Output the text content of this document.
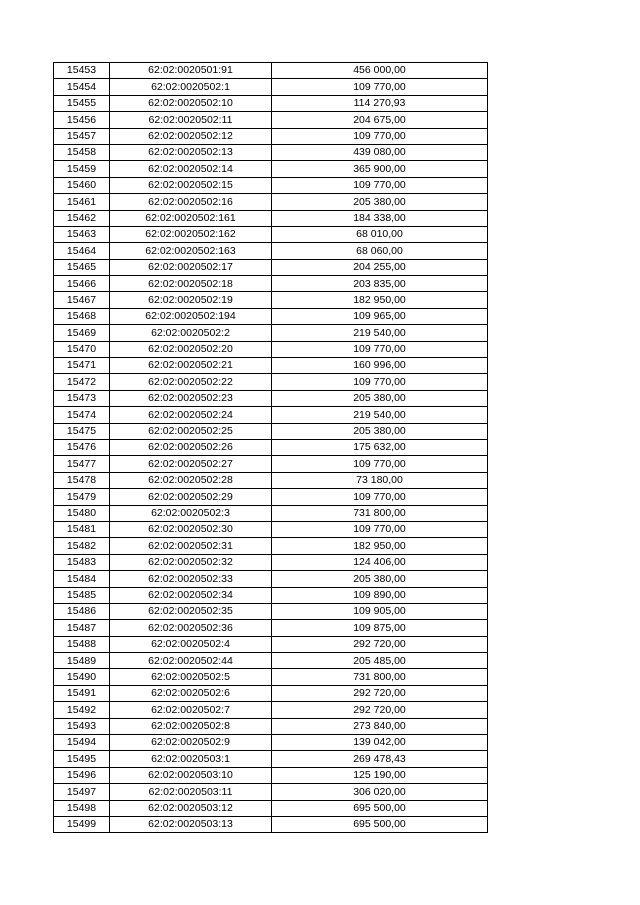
15453	62:02:0020501:91	456 000,00
15454	62:02:0020502:1	109 770,00
15455	62:02:0020502:10	114 270,93
15456	62:02:0020502:11	204 675,00
15457	62:02:0020502:12	109 770,00
15458	62:02:0020502:13	439 080,00
15459	62:02:0020502:14	365 900,00
15460	62:02:0020502:15	109 770,00
15461	62:02:0020502:16	205 380,00
15462	62:02:0020502:161	184 338,00
15463	62:02:0020502:162	68 010,00
15464	62:02:0020502:163	68 060,00
15465	62:02:0020502:17	204 255,00
15466	62:02:0020502:18	203 835,00
15467	62:02:0020502:19	182 950,00
15468	62:02:0020502:194	109 965,00
15469	62:02:0020502:2	219 540,00
15470	62:02:0020502:20	109 770,00
15471	62:02:0020502:21	160 996,00
15472	62:02:0020502:22	109 770,00
15473	62:02:0020502:23	205 380,00
15474	62:02:0020502:24	219 540,00
15475	62:02:0020502:25	205 380,00
15476	62:02:0020502:26	175 632,00
15477	62:02:0020502:27	109 770,00
15478	62:02:0020502:28	73 180,00
15479	62:02:0020502:29	109 770,00
15480	62:02:0020502:3	731 800,00
15481	62:02:0020502:30	109 770,00
15482	62:02:0020502:31	182 950,00
15483	62:02:0020502:32	124 406,00
15484	62:02:0020502:33	205 380,00
15485	62:02:0020502:34	109 890,00
15486	62:02:0020502:35	109 905,00
15487	62:02:0020502:36	109 875,00
15488	62:02:0020502:4	292 720,00
15489	62:02:0020502:44	205 485,00
15490	62:02:0020502:5	731 800,00
15491	62:02:0020502:6	292 720,00
15492	62:02:0020502:7	292 720,00
15493	62:02:0020502:8	273 840,00
15494	62:02:0020502:9	139 042,00
15495	62:02:0020503:1	269 478,43
15496	62:02:0020503:10	125 190,00
15497	62:02:0020503:11	306 020,00
15498	62:02:0020503:12	695 500,00
15499	62:02:0020503:13	695 500,00
